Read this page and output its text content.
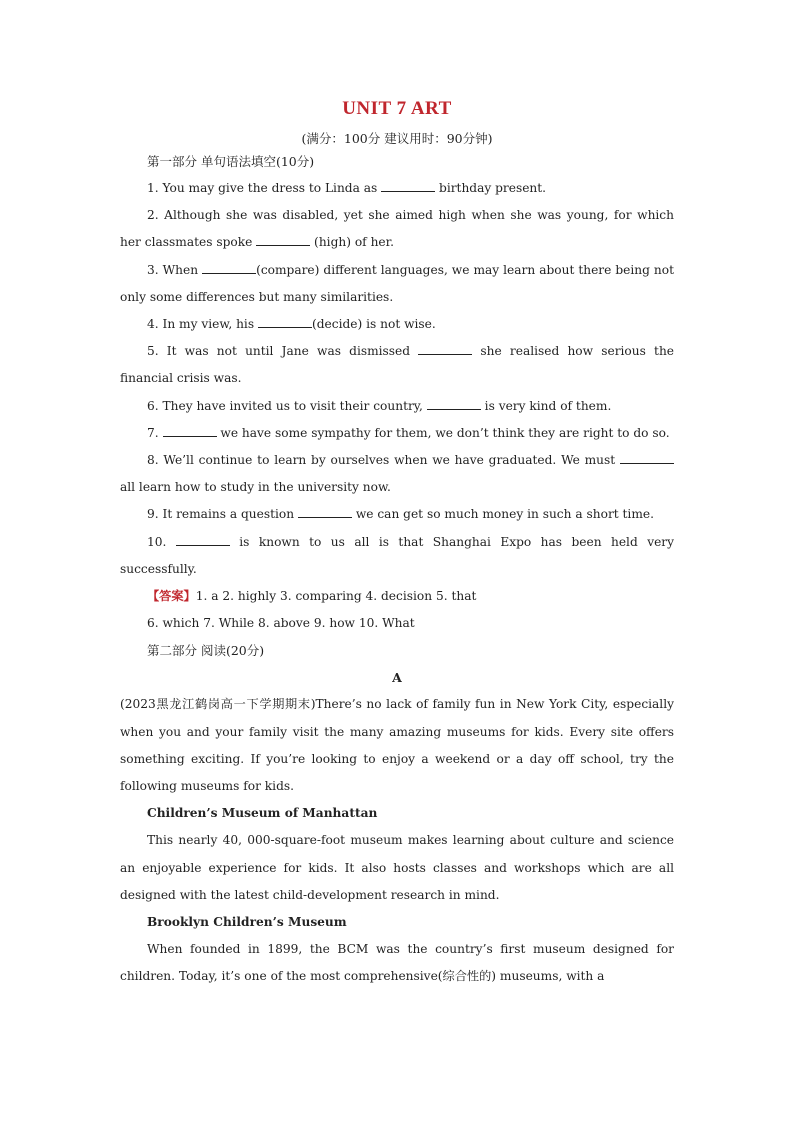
UNIT 7 ART
(满分：100分 建议用时：90分钟)
第一部分 单句语法填空(10分)

1. You may give the dress to Linda as	birthday present.

2. Although she was disabled, yet she aimed high when she was young, for which her classmates spoke	(high) of her.

3. When	(compare) different languages, we may learn about there being not only some differences but many similarities.

4. In my view, his	(decide) is not wise.

5. It was not until Jane was dismissed	she realised how serious the financial crisis was.

6. They have invited us to visit their country,	is very kind of them.

7.	we have some sympathy for them, we don’t think they are right to do so.

8. We’ll continue to learn by ourselves when we have graduated. We must  all learn how to study in the university now.

9. It remains a question	we can get so much money in such a short time.

10.	is known to us all is that Shanghai Expo has been held very successfully.

【答案】1. a 2. highly 3. comparing 4. decision 5. that

6. which 7. While 8. above 9. how 10. What

第二部分 阅读(20分)
A

(2023黑龙江鹤岗高一下学期期末)There’s no lack of family fun in New York City, especially when you and your family visit the many amazing museums for kids. Every site offers something exciting. If you’re looking to enjoy a weekend or a day off school, try the following museums for kids.

Children’s Museum of Manhattan

This nearly 40, 000-square-foot museum makes learning about culture and science an enjoyable experience for kids. It also hosts classes and workshops which are all designed with the latest child-development research in mind.

Brooklyn Children’s Museum

When founded in 1899, the BCM was the country’s first museum designed for children. Today, it’s one of the most comprehensive(综合性的) museums, with a
